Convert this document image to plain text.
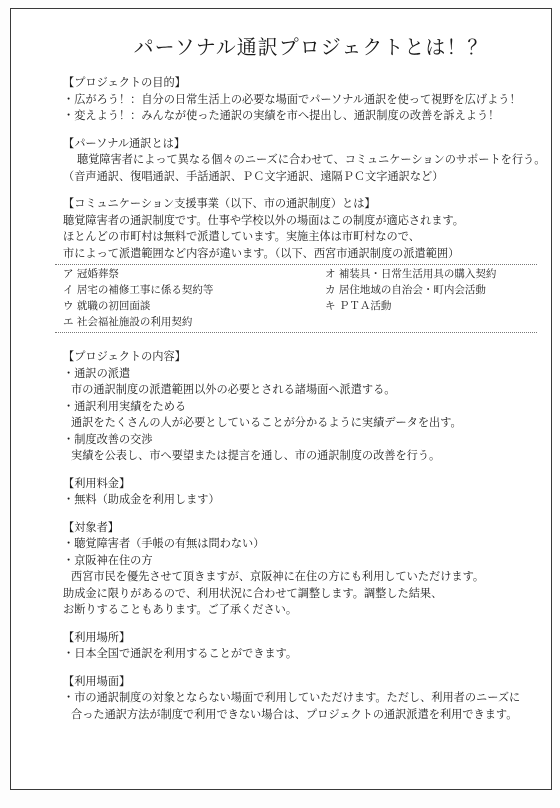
パーソナル通訳プロジェクトとは！？
【プロジェクトの目的】
・広がろう！：自分の日常生活上の必要な場面でパーソナル通訳を使って視野を広げよう！
・変えよう！：みんなが使った通訳の実績を市へ提出し、通訳制度の改善を訴えよう！
【パーソナル通訳とは】
聴覚障害者によって異なる個々のニーズに合わせて、コミュニケーションのサポートを行う。
（音声通訳、復唱通訳、手話通訳、ＰＣ文字通訳、遠隔ＰＣ文字通訳など）
【コミュニケーション支援事業（以下、市の通訳制度）とは】
聴覚障害者の通訳制度です。仕事や学校以外の場面はこの制度が適応されます。
ほとんどの市町村は無料で派遣しています。実施主体は市町村なので、
市によって派遣範囲など内容が違います。（以下、西宮市通訳制度の派遣範囲）
ア 冠婚葬祭	オ 補装具・日常生活用具の購入契約
イ 居宅の補修工事に係る契約等	カ 居住地域の自治会・町内会活動
ウ 就職の初回面談	キ ＰＴＡ活動
エ 社会福祉施設の利用契約
【プロジェクトの内容】
・通訳の派遣
市の通訳制度の派遣範囲以外の必要とされる諸場面へ派遣する。
・通訳利用実績をためる
通訳をたくさんの人が必要としていることが分かるように実績データを出す。
・制度改善の交渉
実績を公表し、市へ要望または提言を通し、市の通訳制度の改善を行う。
【利用料金】
・無料（助成金を利用します）
【対象者】
・聴覚障害者（手帳の有無は問わない）
・京阪神在住の方
西宮市民を優先させて頂きますが、京阪神に在住の方にも利用していただけます。
助成金に限りがあるので、利用状況に合わせて調整します。調整した結果、
お断りすることもあります。ご了承ください。
【利用場所】
・日本全国で通訳を利用することができます。
【利用場面】
・市の通訳制度の対象とならない場面で利用していただけます。ただし、利用者のニーズに
合った通訳方法が制度で利用できない場合は、プロジェクトの通訳派遣を利用できます。
